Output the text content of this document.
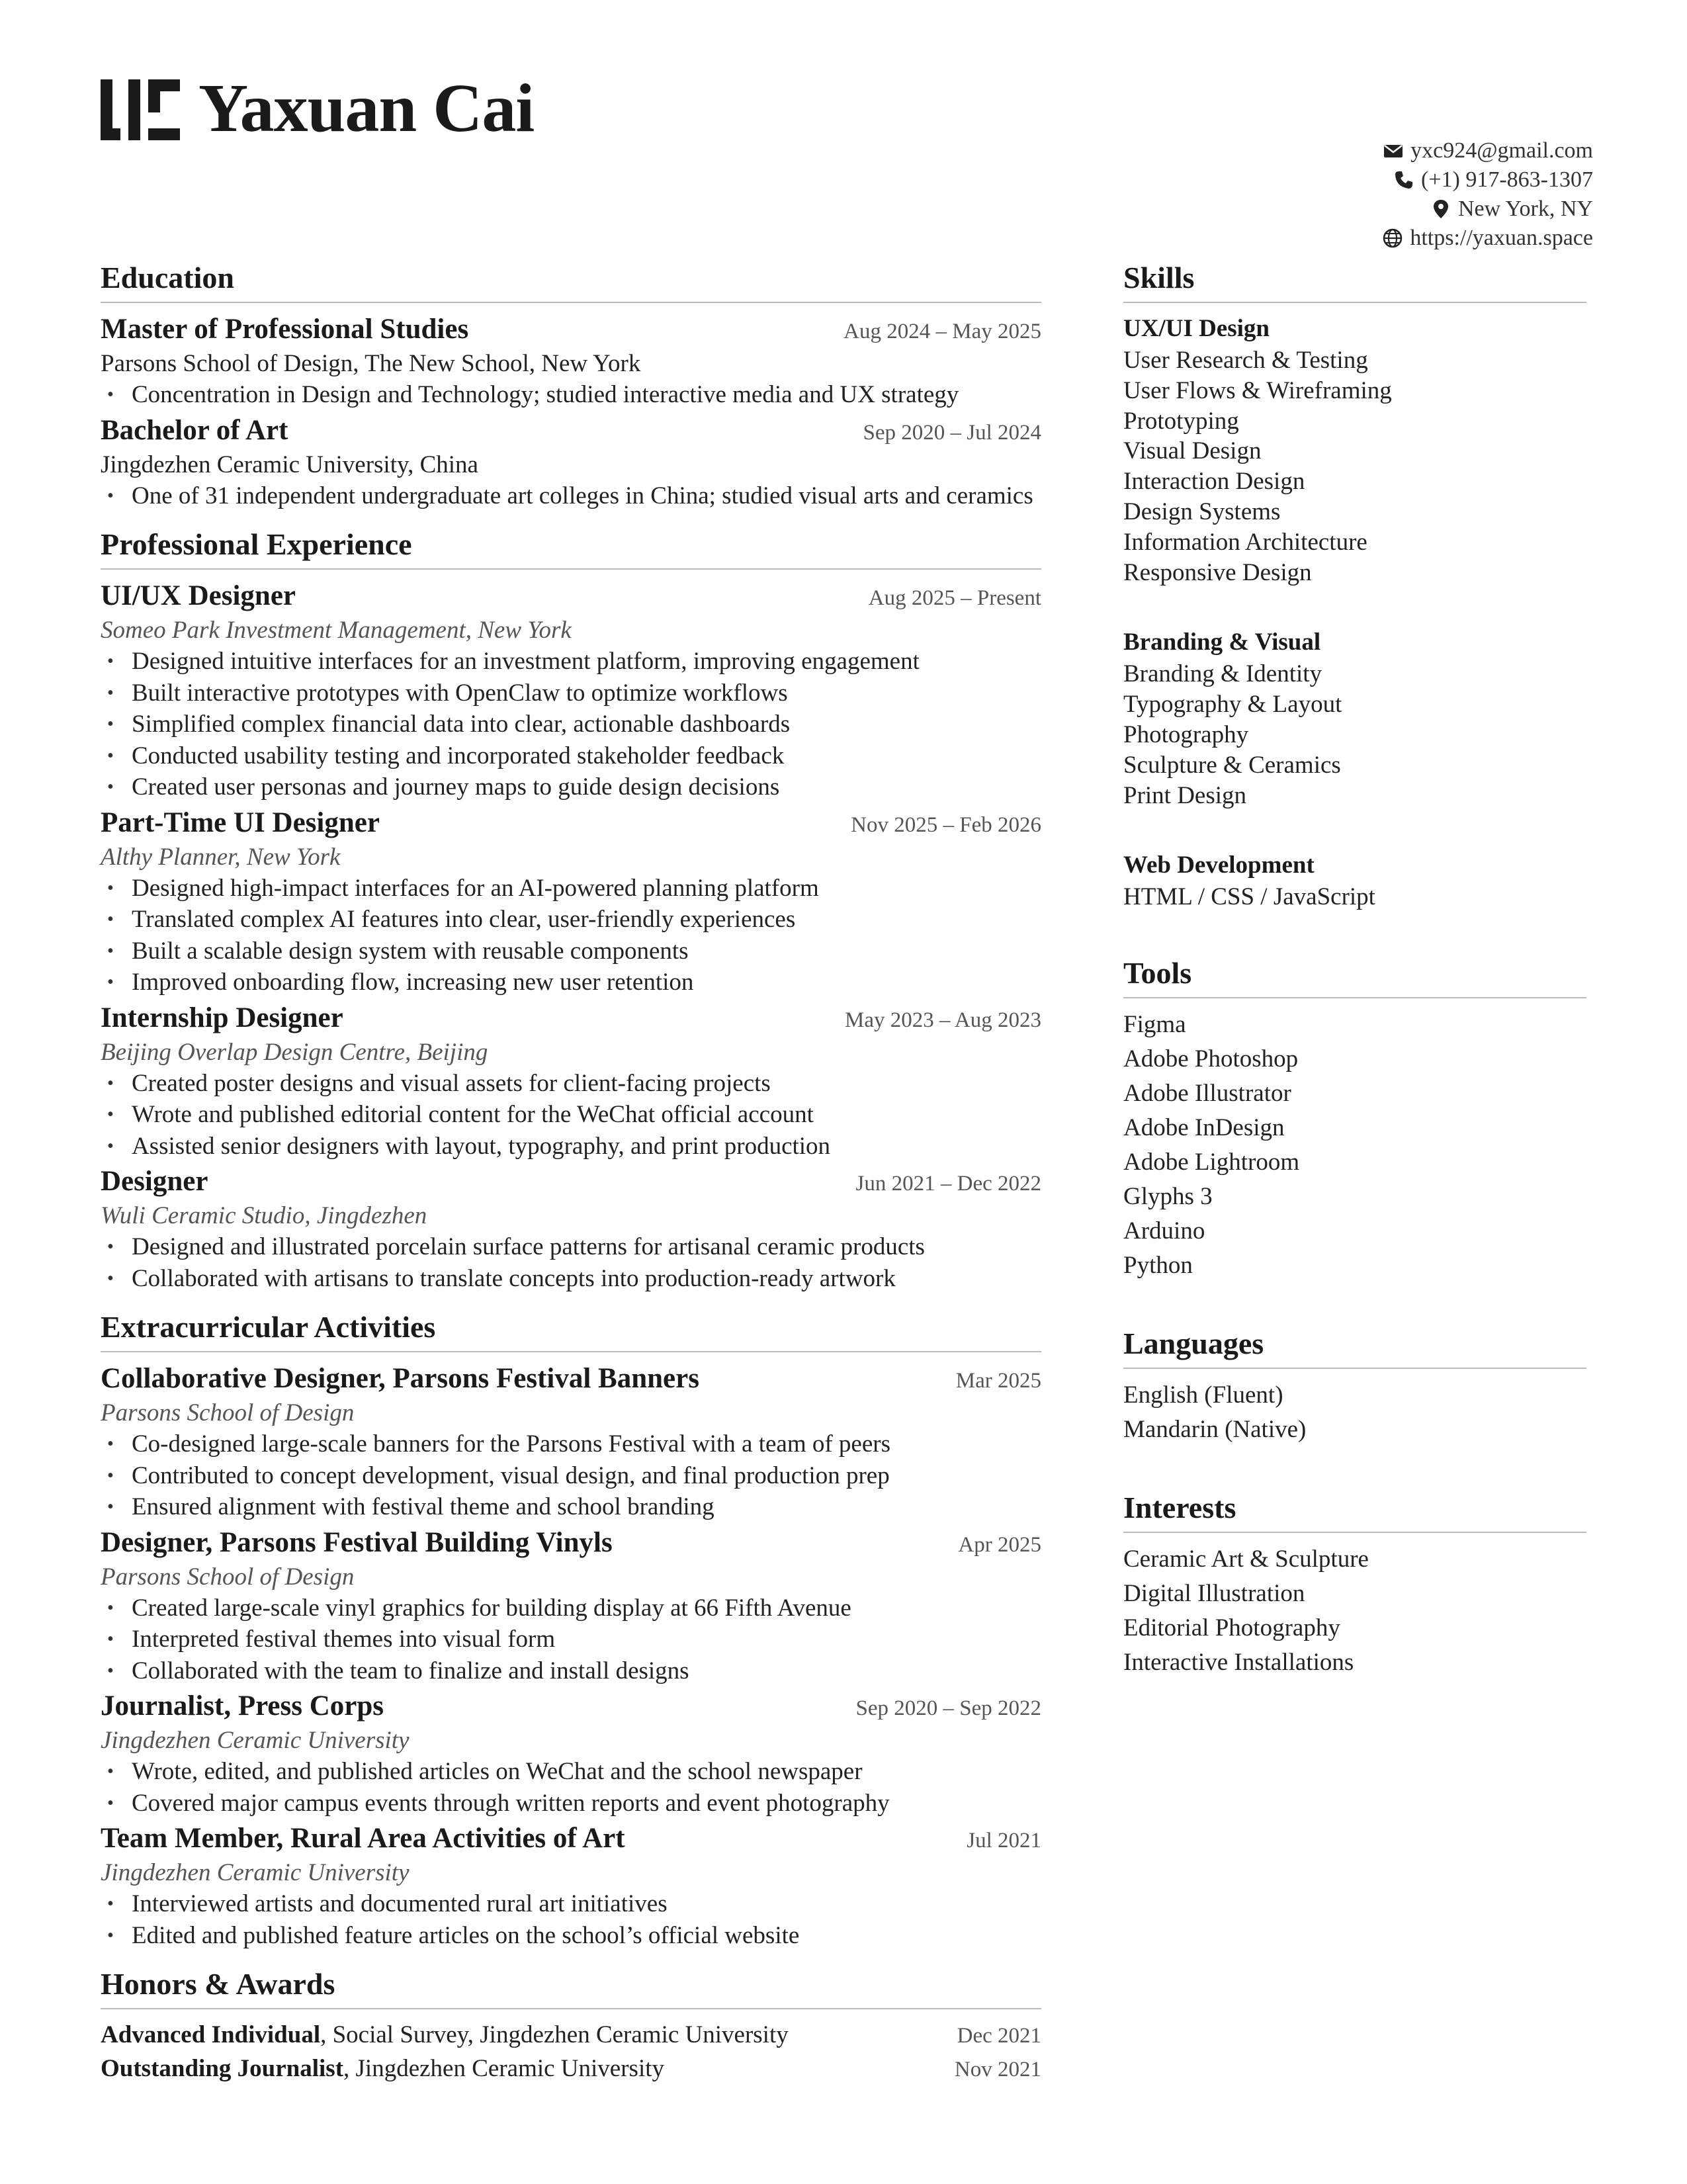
Yaxuan Cai
yxc924@gmail.com
(+1) 917-863-1307
New York, NY
https://yaxuan.space
Education
Master of Professional Studies	Aug 2024 – May 2025
Parsons School of Design, The New School, New York
• Concentration in Design and Technology; studied interactive media and UX strategy
Bachelor of Art	Sep 2020 – Jul 2024
Jingdezhen Ceramic University, China
• One of 31 independent undergraduate art colleges in China; studied visual arts and ceramics
Professional Experience
UI/UX Designer	Aug 2025 – Present
Someo Park Investment Management, New York
• Designed intuitive interfaces for an investment platform, improving engagement
• Built interactive prototypes with OpenClaw to optimize workflows
• Simplified complex financial data into clear, actionable dashboards
• Conducted usability testing and incorporated stakeholder feedback
• Created user personas and journey maps to guide design decisions
Part-Time UI Designer	Nov 2025 – Feb 2026
Althy Planner, New York
• Designed high-impact interfaces for an AI-powered planning platform
• Translated complex AI features into clear, user-friendly experiences
• Built a scalable design system with reusable components
• Improved onboarding flow, increasing new user retention
Internship Designer	May 2023 – Aug 2023
Beijing Overlap Design Centre, Beijing
• Created poster designs and visual assets for client-facing projects
• Wrote and published editorial content for the WeChat official account
• Assisted senior designers with layout, typography, and print production
Designer	Jun 2021 – Dec 2022
Wuli Ceramic Studio, Jingdezhen
• Designed and illustrated porcelain surface patterns for artisanal ceramic products
• Collaborated with artisans to translate concepts into production-ready artwork
Extracurricular Activities
Collaborative Designer, Parsons Festival Banners	Mar 2025
Parsons School of Design
• Co-designed large-scale banners for the Parsons Festival with a team of peers
• Contributed to concept development, visual design, and final production prep
• Ensured alignment with festival theme and school branding
Designer, Parsons Festival Building Vinyls	Apr 2025
Parsons School of Design
• Created large-scale vinyl graphics for building display at 66 Fifth Avenue
• Interpreted festival themes into visual form
• Collaborated with the team to finalize and install designs
Journalist, Press Corps	Sep 2020 – Sep 2022
Jingdezhen Ceramic University
• Wrote, edited, and published articles on WeChat and the school newspaper
• Covered major campus events through written reports and event photography
Team Member, Rural Area Activities of Art	Jul 2021
Jingdezhen Ceramic University
• Interviewed artists and documented rural art initiatives
• Edited and published feature articles on the school’s official website
Honors & Awards
Advanced Individual, Social Survey, Jingdezhen Ceramic University	Dec 2021
Outstanding Journalist, Jingdezhen Ceramic University	Nov 2021
Skills
UX/UI Design
User Research & Testing
User Flows & Wireframing
Prototyping
Visual Design
Interaction Design
Design Systems
Information Architecture
Responsive Design
Branding & Visual
Branding & Identity
Typography & Layout
Photography
Sculpture & Ceramics
Print Design
Web Development
HTML / CSS / JavaScript
Tools
Figma
Adobe Photoshop
Adobe Illustrator
Adobe InDesign
Adobe Lightroom
Glyphs 3
Arduino
Python
Languages
English (Fluent)
Mandarin (Native)
Interests
Ceramic Art & Sculpture
Digital Illustration
Editorial Photography
Interactive Installations
